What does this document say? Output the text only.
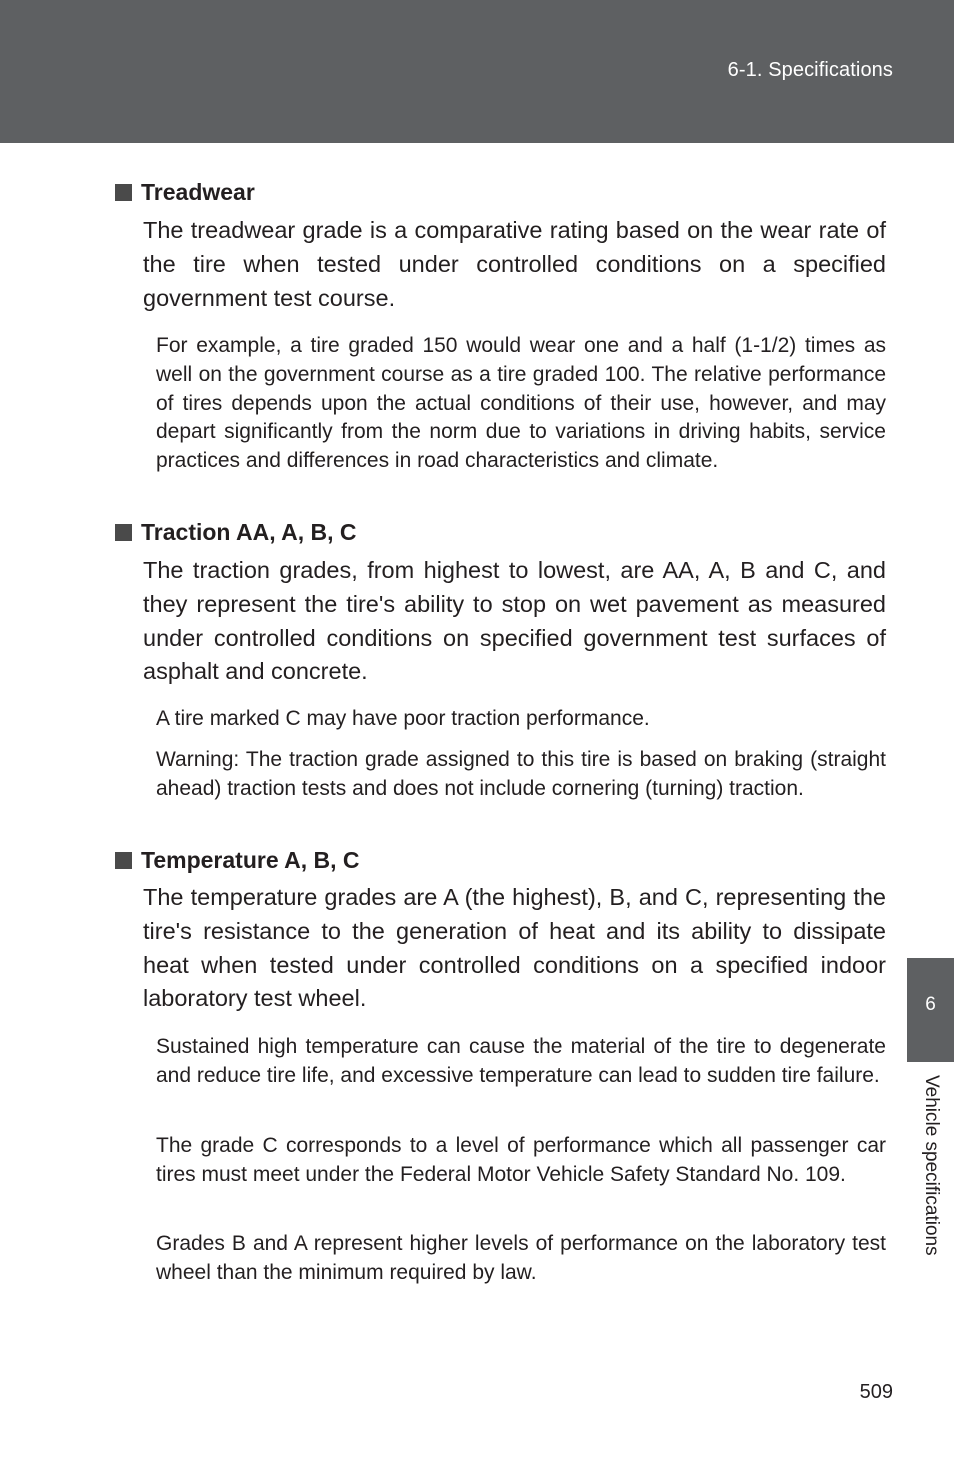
6-1. Specifications
Treadwear
The treadwear grade is a comparative rating based on the wear rate of the tire when tested under controlled conditions on a specified government test course.
For example, a tire graded 150 would wear one and a half (1-1/2) times as well on the government course as a tire graded 100. The relative performance of tires depends upon the actual conditions of their use, however, and may depart significantly from the norm due to variations in driving habits, service practices and differences in road characteristics and climate.
Traction AA, A, B, C
The traction grades, from highest to lowest, are AA, A, B and C, and they represent the tire's ability to stop on wet pavement as measured under controlled conditions on specified government test surfaces of asphalt and concrete.
A tire marked C may have poor traction performance.
Warning: The traction grade assigned to this tire is based on braking (straight ahead) traction tests and does not include cornering (turning) traction.
Temperature A, B, C
The temperature grades are A (the highest), B, and C, representing the tire's resistance to the generation of heat and its ability to dissipate heat when tested under controlled conditions on a specified indoor laboratory test wheel.
Sustained high temperature can cause the material of the tire to degenerate and reduce tire life, and excessive temperature can lead to sudden tire failure.
The grade C corresponds to a level of performance which all passenger car tires must meet under the Federal Motor Vehicle Safety Standard No. 109.
Grades B and A represent higher levels of performance on the laboratory test wheel than the minimum required by law.
6
Vehicle specifications
509
